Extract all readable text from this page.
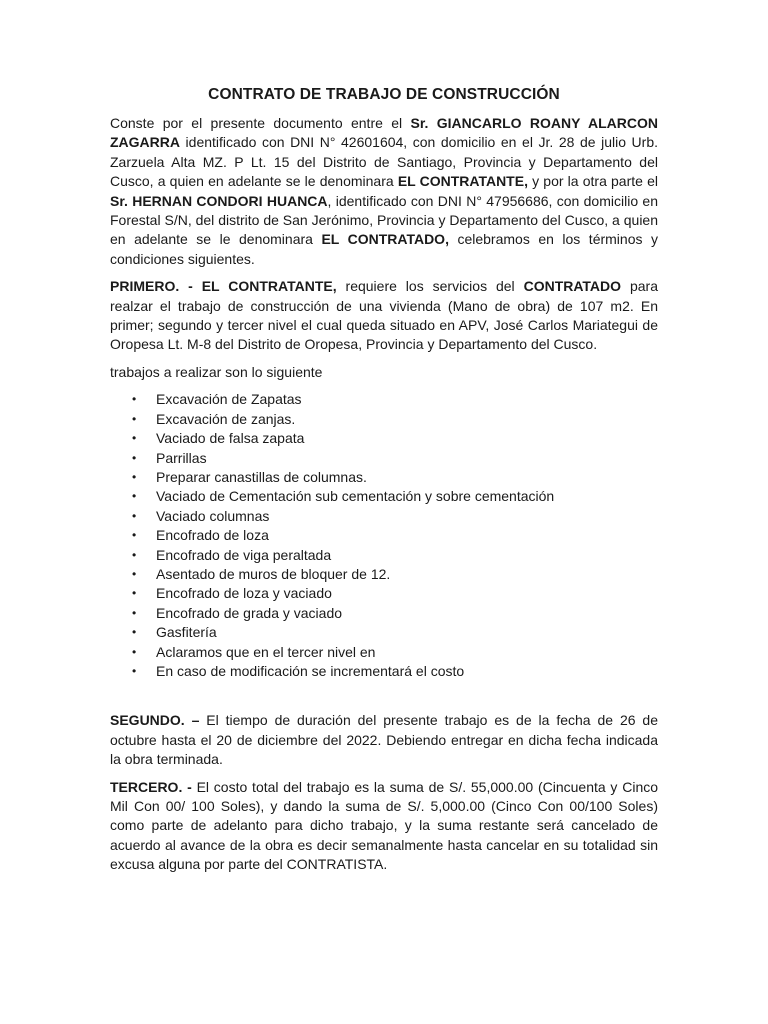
CONTRATO DE TRABAJO DE CONSTRUCCIÓN

Conste por el presente documento entre el Sr. GIANCARLO ROANY ALARCON ZAGARRA identificado con DNI N° 42601604, con domicilio en el Jr. 28 de julio Urb. Zarzuela Alta MZ. P Lt. 15 del Distrito de Santiago, Provincia y Departamento del Cusco, a quien en adelante se le denominara EL CONTRATANTE, y por la otra parte el Sr. HERNAN CONDORI HUANCA, identificado con DNI N° 47956686, con domicilio en Forestal S/N, del distrito de San Jerónimo, Provincia y Departamento del Cusco, a quien en adelante se le denominara EL CONTRATADO, celebramos en los términos y condiciones siguientes.

PRIMERO. - EL CONTRATANTE, requiere los servicios del CONTRATADO para realzar el trabajo de construcción de una vivienda (Mano de obra) de 107 m2. En primer; segundo y tercer nivel el cual queda situado en APV, José Carlos Mariategui de Oropesa Lt. M-8 del Distrito de Oropesa, Provincia y Departamento del Cusco.

trabajos a realizar son lo siguiente

• Excavación de Zapatas
• Excavación de zanjas.
• Vaciado de falsa zapata
• Parrillas
• Preparar canastillas de columnas.
• Vaciado de Cementación sub cementación y sobre cementación
• Vaciado columnas
• Encofrado de loza
• Encofrado de viga peraltada
• Asentado de muros de bloquer de 12.
• Encofrado de loza y vaciado
• Encofrado de grada y vaciado
• Gasfitería
• Aclaramos que en el tercer nivel en
• En caso de modificación se incrementará el costo

SEGUNDO. – El tiempo de duración del presente trabajo es de la fecha de 26 de octubre hasta el 20 de diciembre del 2022. Debiendo entregar en dicha fecha indicada la obra terminada.

TERCERO. - El costo total del trabajo es la suma de S/. 55,000.00 (Cincuenta y Cinco Mil Con 00/ 100 Soles), y dando la suma de S/. 5,000.00 (Cinco Con 00/100 Soles) como parte de adelanto para dicho trabajo, y la suma restante será cancelado de acuerdo al avance de la obra es decir semanalmente hasta cancelar en su totalidad sin excusa alguna por parte del CONTRATISTA.
